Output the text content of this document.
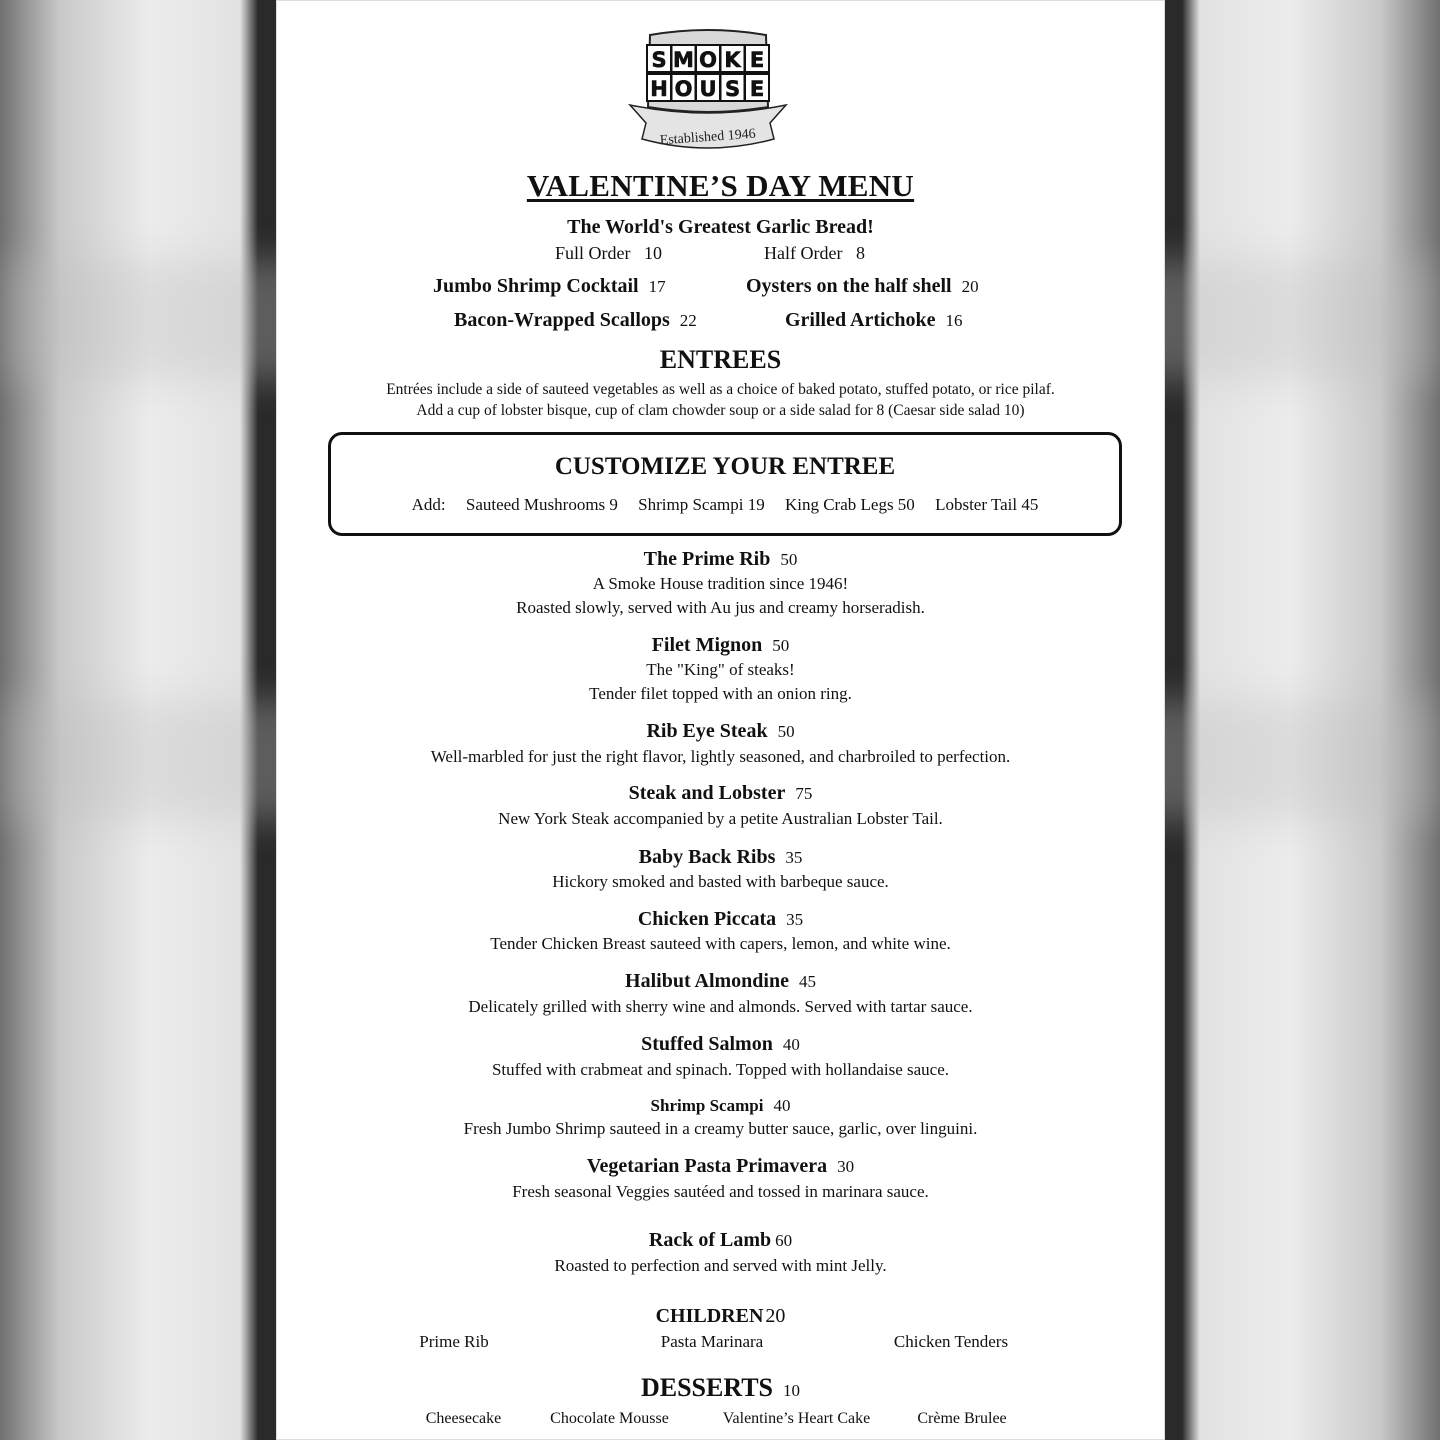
S M O K E
H O U S E
Established 1946
VALENTINE’S DAY MENU
The World's Greatest Garlic Bread!
Full Order 10	Half Order 8
Jumbo Shrimp Cocktail 17	Oysters on the half shell 20
Bacon-Wrapped Scallops 22	Grilled Artichoke 16
ENTREES
Entrées include a side of sauteed vegetables as well as a choice of baked potato, stuffed potato, or rice pilaf.
Add a cup of lobster bisque, cup of clam chowder soup or a side salad for 8 (Caesar side salad 10)
CUSTOMIZE YOUR ENTREE
Add: Sauteed Mushrooms 9 Shrimp Scampi 19 King Crab Legs 50 Lobster Tail 45
The Prime Rib 50
A Smoke House tradition since 1946!
Roasted slowly, served with Au jus and creamy horseradish.
Filet Mignon 50
The "King" of steaks!
Tender filet topped with an onion ring.
Rib Eye Steak 50
Well-marbled for just the right flavor, lightly seasoned, and charbroiled to perfection.
Steak and Lobster 75
New York Steak accompanied by a petite Australian Lobster Tail.
Baby Back Ribs 35
Hickory smoked and basted with barbeque sauce.
Chicken Piccata 35
Tender Chicken Breast sauteed with capers, lemon, and white wine.
Halibut Almondine 45
Delicately grilled with sherry wine and almonds. Served with tartar sauce.
Stuffed Salmon 40
Stuffed with crabmeat and spinach. Topped with hollandaise sauce.
Shrimp Scampi 40
Fresh Jumbo Shrimp sauteed in a creamy butter sauce, garlic, over linguini.
Vegetarian Pasta Primavera 30
Fresh seasonal Veggies sautéed and tossed in marinara sauce.
Rack of Lamb 60
Roasted to perfection and served with mint Jelly.
CHILDREN 20
Prime Rib	Pasta Marinara	Chicken Tenders
DESSERTS 10
Cheesecake	Chocolate Mousse	Valentine’s Heart Cake	Crème Brulee
